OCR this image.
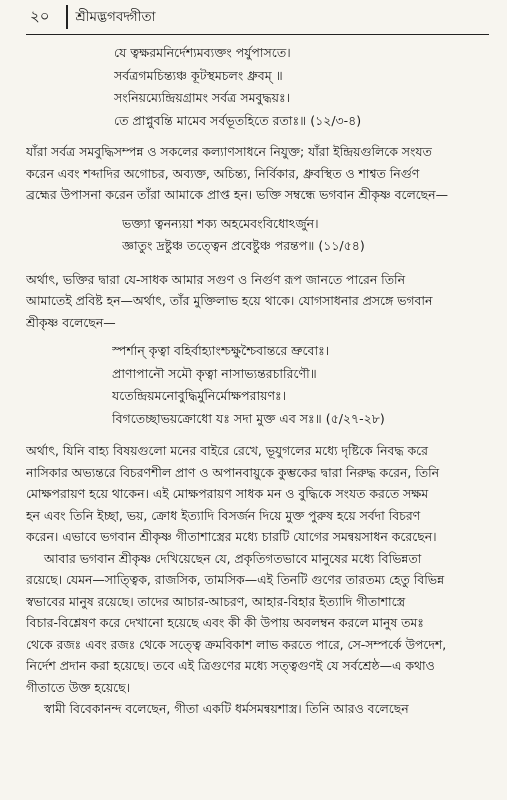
২০	শ্রীমদ্ভগবদ্গীতা
যে ত্বক্ষরমনির্দেশ্যমব্যক্তং পর্যুপাসতে।
সর্বত্রগমচিন্ত্যঞ্চ কূটস্থমচলং ধ্রুবম্ ॥
সংনিয়ম্যেন্দ্রিয়গ্রামং সর্বত্র সমবুদ্ধয়ঃ।
তে প্রাপ্নুবন্তি মামেব সর্বভূতহিতে রতাঃ॥ (১২/৩-৪)

যাঁরা সর্বত্র সমবুদ্ধিসম্পন্ন ও সকলের কল্যাণসাধনে নিযুক্ত; যাঁরা ইন্দ্রিয়গুলিকে সংযত
করেন এবং শব্দাদির অগোচর, অব্যক্ত, অচিন্ত্য, নির্বিকার, ধ্রুবস্থিত ও শাশ্বত নির্গুণ
ব্রহ্মের উপাসনা করেন তাঁরা আমাকে প্রাপ্ত হন। ভক্তি সম্বন্ধে ভগবান শ্রীকৃষ্ণ বলেছেন—

ভক্ত্যা ত্বনন্যয়া শক্য অহমেবংবিধোঽর্জুন।
জ্ঞাতুং দ্রষ্টুঞ্চ তত্ত্বেন প্রবেষ্টুঞ্চ পরন্তপ॥ (১১/৫৪)

অর্থাৎ, ভক্তির দ্বারা যে-সাধক আমার সগুণ ও নির্গুণ রূপ জানতে পারেন তিনি
আমাতেই প্রবিষ্ট হন—অর্থাৎ, তাঁর মুক্তিলাভ হয়ে থাকে। যোগসাধনার প্রসঙ্গে ভগবান
শ্রীকৃষ্ণ বলেছেন—

স্পর্শান্ কৃত্বা বহির্বাহ্যাংশ্চক্ষুশ্চৈবান্তরে ভ্রুবোঃ।
প্রাণাপানৌ সমৌ কৃত্বা নাসাভ্যন্তরচারিণৌ॥
যতেন্দ্রিয়মনোবুদ্ধির্মুনির্মোক্ষপরায়ণঃ।
বিগতেচ্ছাভয়ক্রোধো যঃ সদা মুক্ত এব সঃ॥ (৫/২৭-২৮)

অর্থাৎ, যিনি বাহ্য বিষয়গুলো মনের বাইরে রেখে, ভূযুগলের মধ্যে দৃষ্টিকে নিবদ্ধ করে
নাসিকার অভ্যন্তরে বিচরণশীল প্রাণ ও অপানবায়ুকে কুম্ভকের দ্বারা নিরুদ্ধ করেন, তিনি
মোক্ষপরায়ণ হয়ে থাকেন। এই মোক্ষপরায়ণ সাধক মন ও বুদ্ধিকে সংযত করতে সক্ষম
হন এবং তিনি ইচ্ছা, ভয়, ক্রোধ ইত্যাদি বিসর্জন দিয়ে মুক্ত পুরুষ হয়ে সর্বদা বিচরণ
করেন। এভাবে ভগবান শ্রীকৃষ্ণ গীতাশাস্ত্রের মধ্যে চারটি যোগের সমন্বয়সাধন করেছেন।

আবার ভগবান শ্রীকৃষ্ণ দেখিয়েছেন যে, প্রকৃতিগতভাবে মানুষের মধ্যে বিভিন্নতা
রয়েছে। যেমন—সাত্ত্বিক, রাজসিক, তামসিক—এই তিনটি গুণের তারতম্য হেতু বিভিন্ন
স্বভাবের মানুষ রয়েছে। তাদের আচার-আচরণ, আহার-বিহার ইত্যাদি গীতাশাস্ত্রে
বিচার-বিশ্লেষণ করে দেখানো হয়েছে এবং কী কী উপায় অবলম্বন করলে মানুষ তমঃ
থেকে রজঃ এবং রজঃ থেকে সত্ত্বে ক্রমবিকাশ লাভ করতে পারে, সে-সম্পর্কে উপদেশ,
নির্দেশ প্রদান করা হয়েছে। তবে এই ত্রিগুণের মধ্যে সত্ত্বগুণই যে সর্বশ্রেষ্ঠ—এ কথাও
গীতাতে উক্ত হয়েছে।

স্বামী বিবেকানন্দ বলেছেন, গীতা একটি ধর্মসমন্বয়শাস্ত্র। তিনি আরও বলেছেন
